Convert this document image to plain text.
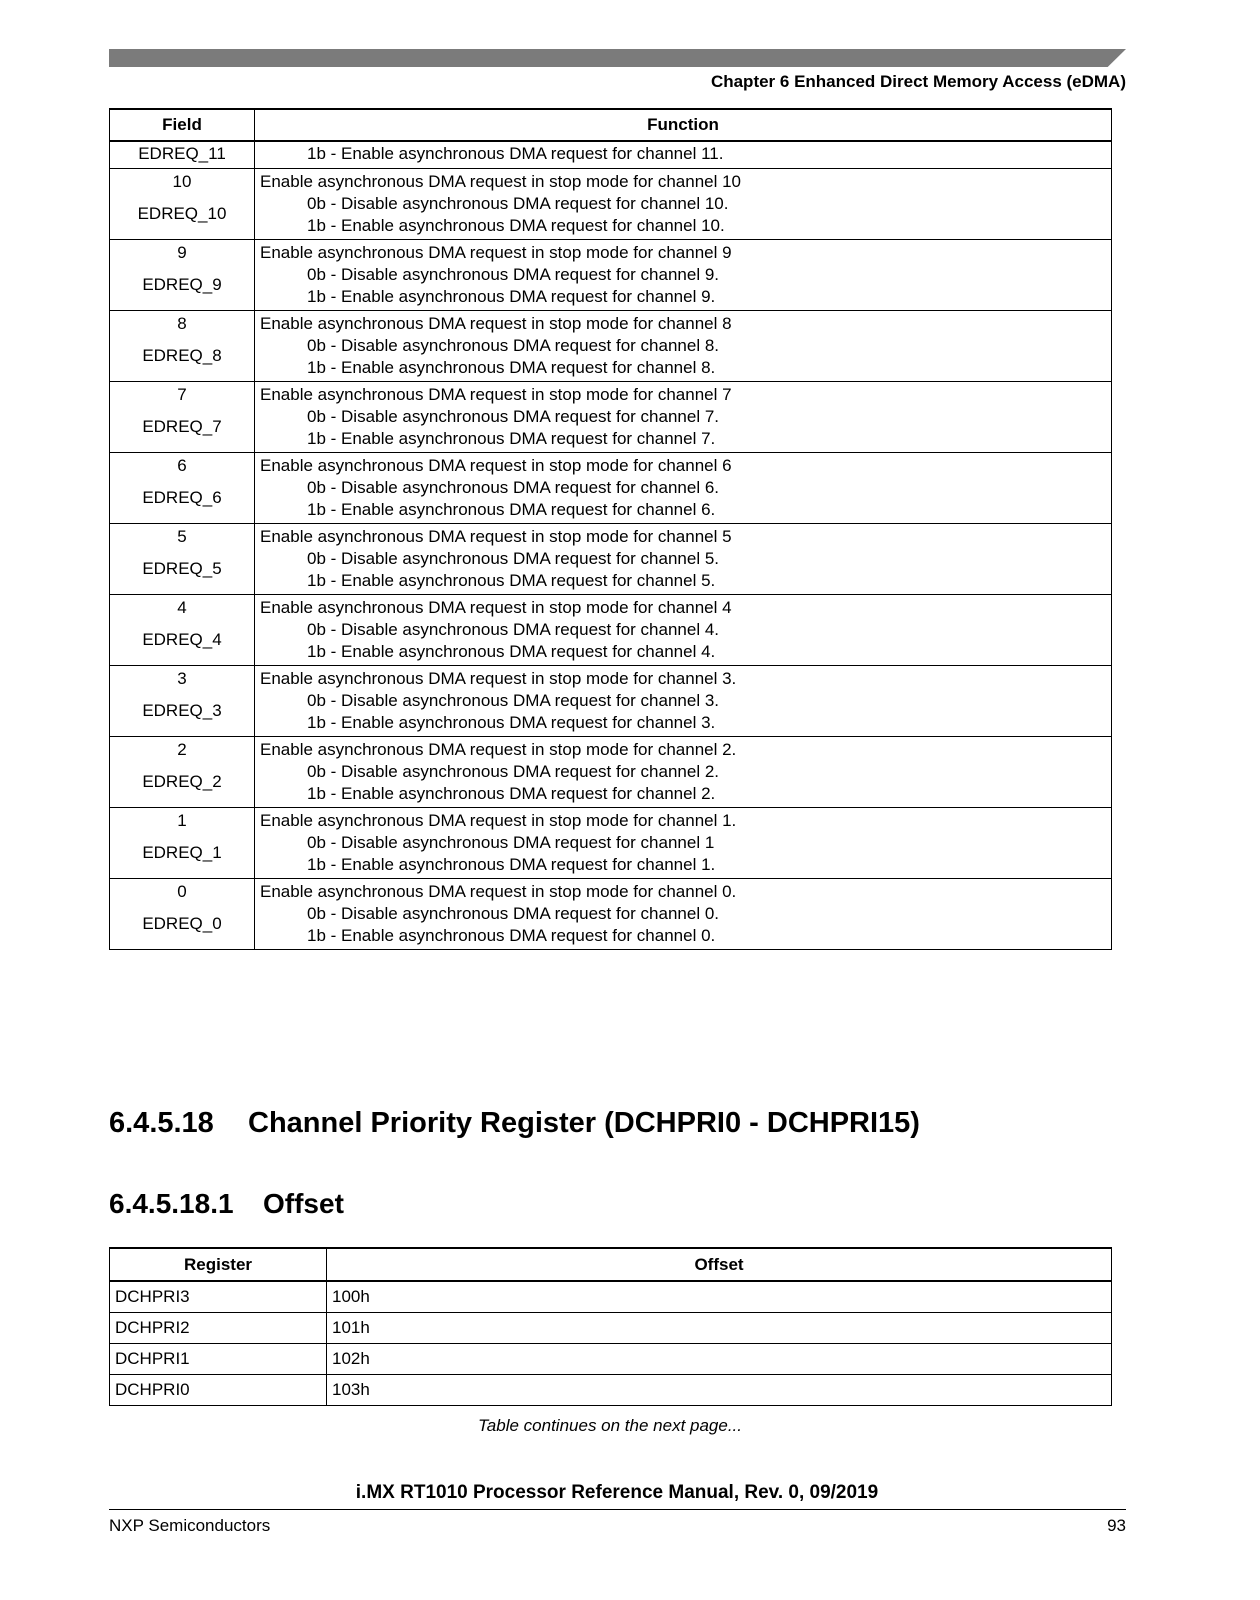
Chapter 6 Enhanced Direct Memory Access (eDMA)
Field	Function
EDREQ_11	1b - Enable asynchronous DMA request for channel 11.

10
EDREQ_10	Enable asynchronous DMA request in stop mode for channel 10
0b - Disable asynchronous DMA request for channel 10.
1b - Enable asynchronous DMA request for channel 10.

9
EDREQ_9	Enable asynchronous DMA request in stop mode for channel 9
0b - Disable asynchronous DMA request for channel 9.
1b - Enable asynchronous DMA request for channel 9.

8
EDREQ_8	Enable asynchronous DMA request in stop mode for channel 8
0b - Disable asynchronous DMA request for channel 8.
1b - Enable asynchronous DMA request for channel 8.

7
EDREQ_7	Enable asynchronous DMA request in stop mode for channel 7
0b - Disable asynchronous DMA request for channel 7.
1b - Enable asynchronous DMA request for channel 7.

6
EDREQ_6	Enable asynchronous DMA request in stop mode for channel 6
0b - Disable asynchronous DMA request for channel 6.
1b - Enable asynchronous DMA request for channel 6.

5
EDREQ_5	Enable asynchronous DMA request in stop mode for channel 5
0b - Disable asynchronous DMA request for channel 5.
1b - Enable asynchronous DMA request for channel 5.

4
EDREQ_4	Enable asynchronous DMA request in stop mode for channel 4
0b - Disable asynchronous DMA request for channel 4.
1b - Enable asynchronous DMA request for channel 4.

3
EDREQ_3	Enable asynchronous DMA request in stop mode for channel 3.
0b - Disable asynchronous DMA request for channel 3.
1b - Enable asynchronous DMA request for channel 3.

2
EDREQ_2	Enable asynchronous DMA request in stop mode for channel 2.
0b - Disable asynchronous DMA request for channel 2.
1b - Enable asynchronous DMA request for channel 2.

1
EDREQ_1	Enable asynchronous DMA request in stop mode for channel 1.
0b - Disable asynchronous DMA request for channel 1
1b - Enable asynchronous DMA request for channel 1.

0
EDREQ_0	Enable asynchronous DMA request in stop mode for channel 0.
0b - Disable asynchronous DMA request for channel 0.
1b - Enable asynchronous DMA request for channel 0.
6.4.5.18 Channel Priority Register (DCHPRI0 - DCHPRI15)
6.4.5.18.1 Offset
Register	Offset
DCHPRI3	100h
DCHPRI2	101h
DCHPRI1	102h
DCHPRI0	103h
Table continues on the next page...
i.MX RT1010 Processor Reference Manual, Rev. 0, 09/2019
NXP Semiconductors	93
